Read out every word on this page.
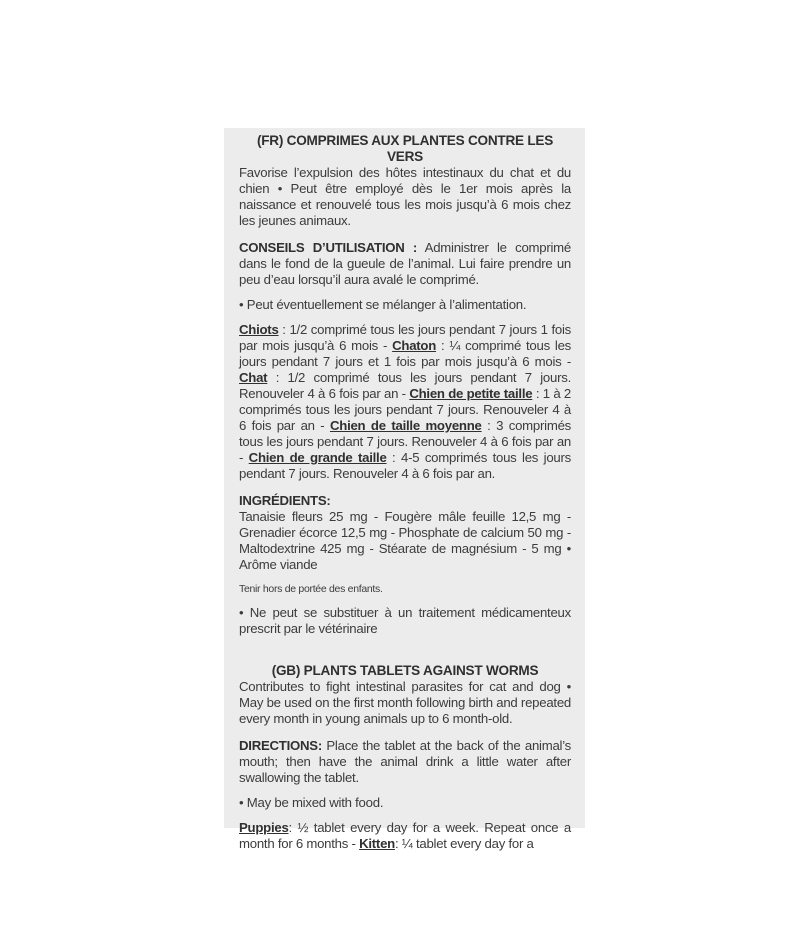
(FR) COMPRIMES AUX PLANTES CONTRE LES VERS

Favorise l’expulsion des hôtes intestinaux du chat et du chien • Peut être employé dès le 1er mois après la naissance et renouvelé tous les mois jusqu’à 6 mois chez les jeunes animaux.

CONSEILS D’UTILISATION : Administrer le comprimé dans le fond de la gueule de l’animal. Lui faire prendre un peu d’eau lorsqu’il aura avalé le comprimé.

• Peut éventuellement se mélanger à l’alimentation.

Chiots : 1/2 comprimé tous les jours pendant 7 jours 1 fois par mois jusqu’à 6 mois - Chaton : ¼ comprimé tous les jours pendant 7 jours et 1 fois par mois jusqu’à 6 mois - Chat : 1/2 comprimé tous les jours pendant 7 jours. Renouveler 4 à 6 fois par an - Chien de petite taille : 1 à 2 comprimés tous les jours pendant 7 jours. Renouveler 4 à 6 fois par an - Chien de taille moyenne : 3 comprimés tous les jours pendant 7 jours. Renouveler 4 à 6 fois par an - Chien de grande taille : 4-5 comprimés tous les jours pendant 7 jours. Renouveler 4 à 6 fois par an.

INGRÉDIENTS:

Tanaisie fleurs 25 mg - Fougère mâle feuille 12,5 mg - Grenadier écorce 12,5 mg - Phosphate de calcium 50 mg - Maltodextrine 425 mg - Stéarate de magnésium - 5 mg • Arôme viande

Tenir hors de portée des enfants.

• Ne peut se substituer à un traitement médicamenteux prescrit par le vétérinaire

(GB) PLANTS TABLETS AGAINST WORMS

Contributes to fight intestinal parasites for cat and dog • May be used on the first month following birth and repeated every month in young animals up to 6 month-old.

DIRECTIONS: Place the tablet at the back of the animal’s mouth; then have the animal drink a little water after swallowing the tablet.

• May be mixed with food.

Puppies: ½ tablet every day for a week. Repeat once a month for 6 months - Kitten: ¼ tablet every day for a
